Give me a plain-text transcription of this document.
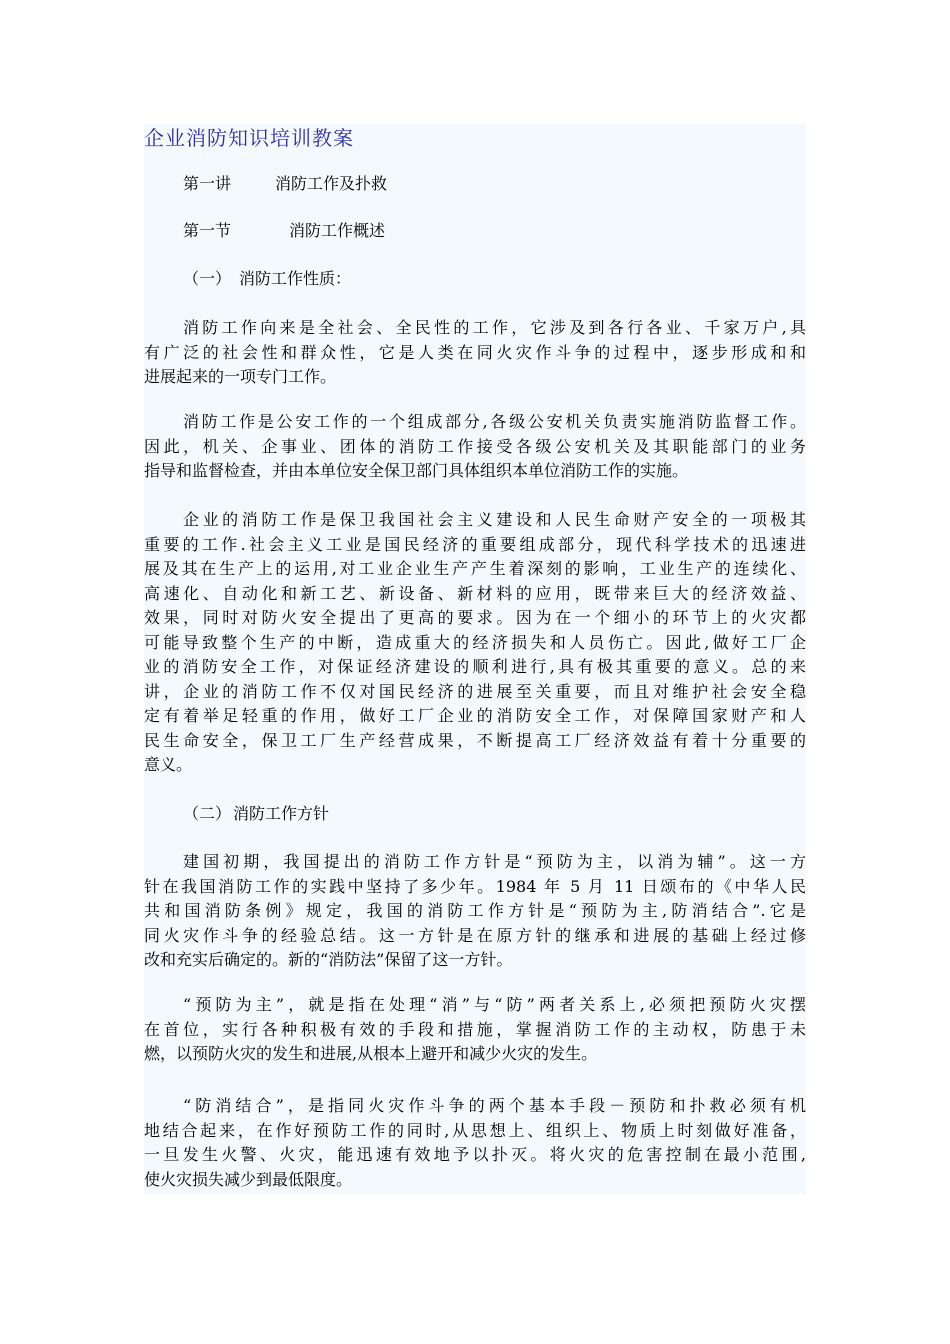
企业消防知识培训教案
第一讲	消防工作及扑救
第一节	消防工作概述
（一） 消防工作性质：
消防工作向来是全社会、全民性的工作，它涉及到各行各业、千家万户,具
有广泛的社会性和群众性，它是人类在同火灾作斗争的过程中，逐步形成和和
进展起来的一项专门工作。
消防工作是公安工作的一个组成部分,各级公安机关负责实施消防监督工作。
因此，机关、企事业、团体的消防工作接受各级公安机关及其职能部门的业务
指导和监督检查，并由本单位安全保卫部门具体组织本单位消防工作的实施。
企业的消防工作是保卫我国社会主义建设和人民生命财产安全的一项极其
重要的工作.社会主义工业是国民经济的重要组成部分，现代科学技术的迅速进
展及其在生产上的运用,对工业企业生产产生着深刻的影响，工业生产的连续化、
高速化、自动化和新工艺、新设备、新材料的应用，既带来巨大的经济效益、
效果，同时对防火安全提出了更高的要求。因为在一个细小的环节上的火灾都
可能导致整个生产的中断，造成重大的经济损失和人员伤亡。因此,做好工厂企
业的消防安全工作，对保证经济建设的顺利进行,具有极其重要的意义。总的来
讲，企业的消防工作不仅对国民经济的进展至关重要，而且对维护社会安全稳
定有着举足轻重的作用，做好工厂企业的消防安全工作，对保障国家财产和人
民生命安全，保卫工厂生产经营成果，不断提高工厂经济效益有着十分重要的
意义。
（二） 消防工作方针
建国初期，我国提出的消防工作方针是“预防为主，以消为辅”。这一方
针在我国消防工作的实践中坚持了多少年。1984 年 5 月 11 日颂布的《中华人民
共和国消防条例》规定，我国的消防工作方针是“预防为主,防消结合”.它是
同火灾作斗争的经验总结。这一方针是在原方针的继承和进展的基础上经过修
改和充实后确定的。新的“消防法”保留了这一方针。
“预防为主”，就是指在处理“消”与“防”两者关系上,必须把预防火灾摆
在首位，实行各种积极有效的手段和措施，掌握消防工作的主动权，防患于未
燃，以预防火灾的发生和进展,从根本上避开和减少火灾的发生。
“防消结合”，是指同火灾作斗争的两个基本手段－预防和扑救必须有机
地结合起来，在作好预防工作的同时,从思想上、组织上、物质上时刻做好准备，
一旦发生火警、火灾，能迅速有效地予以扑灭。将火灾的危害控制在最小范围,
使火灾损失减少到最低限度。
